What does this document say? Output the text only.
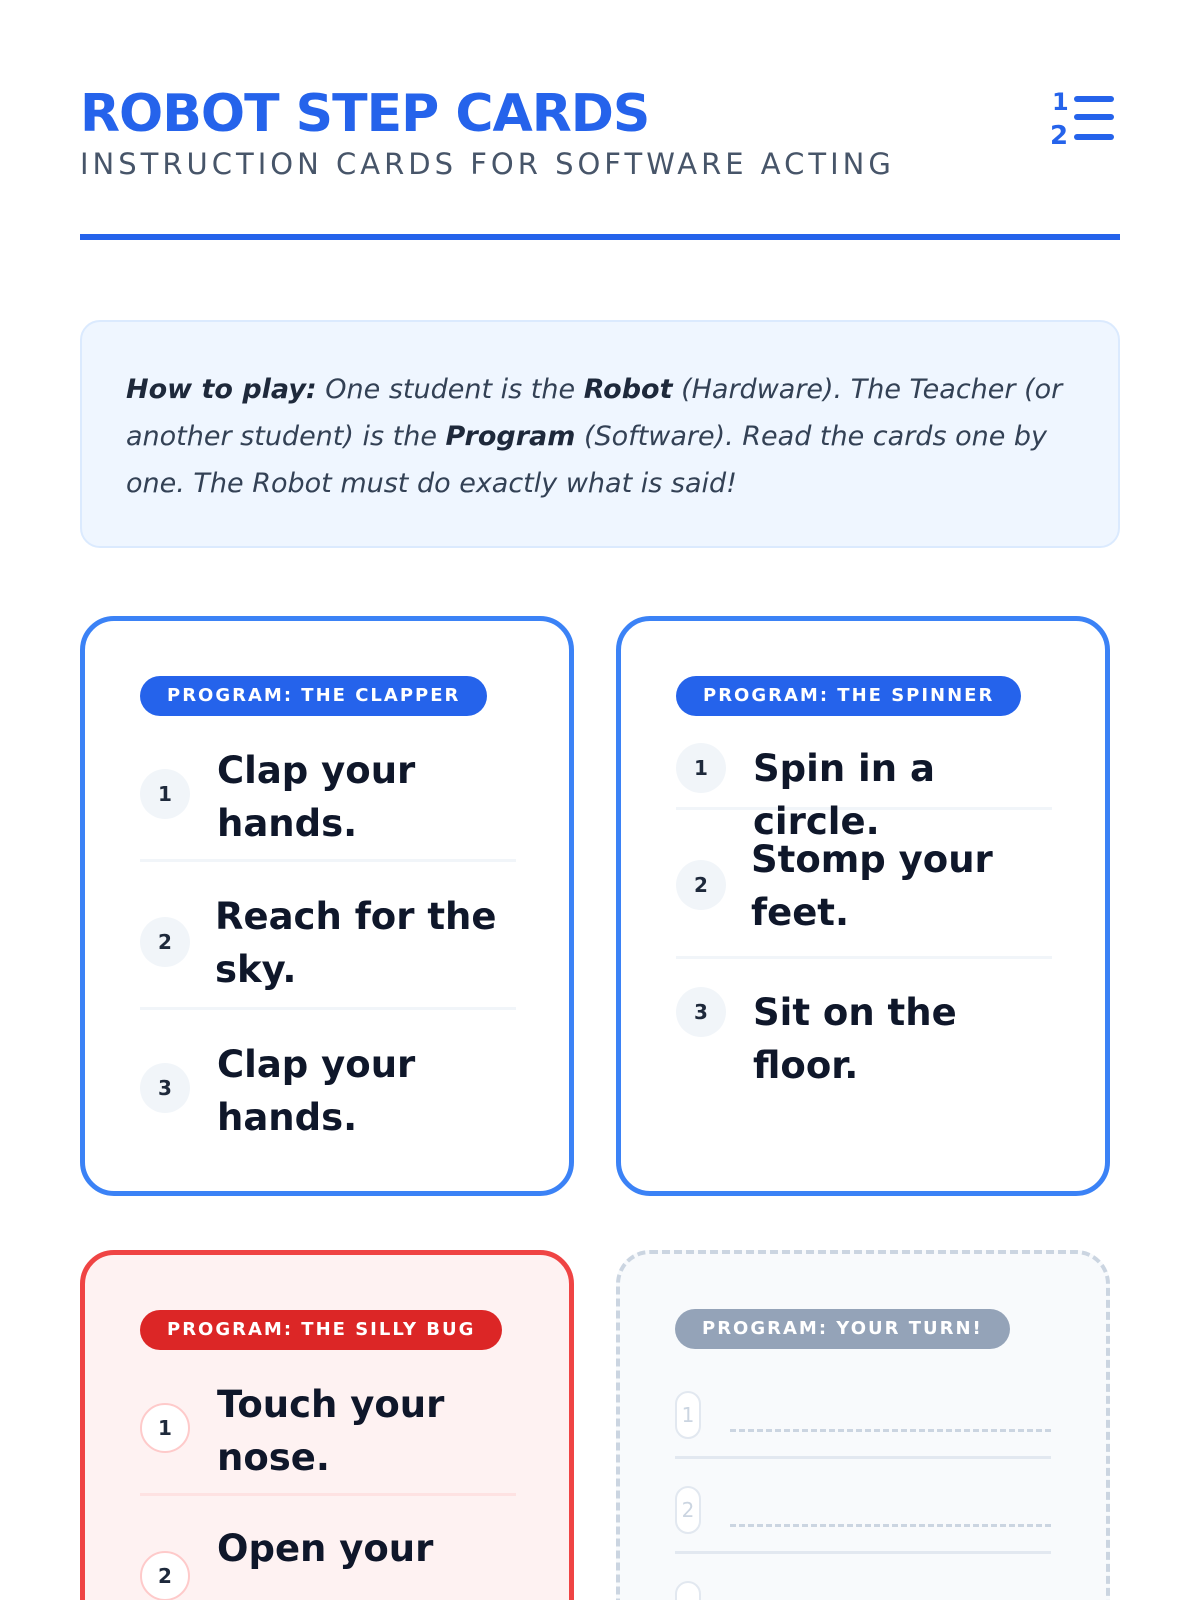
ROBOT STEP CARDS
INSTRUCTION CARDS FOR SOFTWARE ACTING
1
2

How to play: One student is the Robot (Hardware). The Teacher (or another student) is the Program (Software). Read the cards one by one. The Robot must do exactly what is said!

PROGRAM: THE CLAPPER
1
Clap your hands.
2
Reach for the sky.
3
Clap your hands.
PROGRAM: THE SPINNER
1	Spin in a circle.
2
Stomp your feet.
3	Sit on the floor.
PROGRAM: THE SILLY BUG
1
Touch your nose.
2
Open your
PROGRAM: YOUR TURN!
1
2
